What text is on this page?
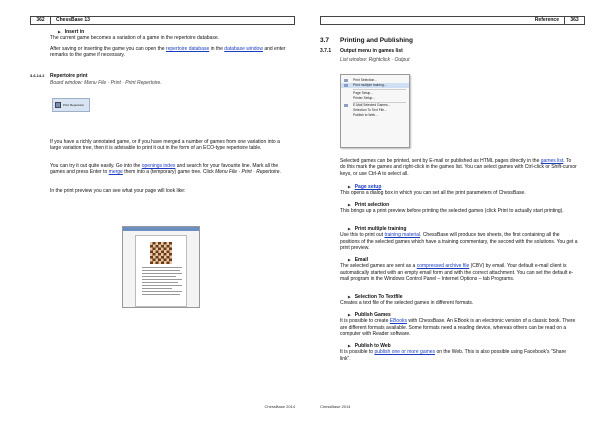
362	ChessBase 13
▶ Insert in
The current game becomes a variation of a game in the repertoire database.
After saving or inserting the game you can open the repertoire database in the database window and enter remarks to the game if necessary.
3.6.14.2 Repertoire print
Board window: Menu File · Print · Print Repertoire.
Print Repertoire
If you have a richly annotated game, or if you have merged a number of games from one variation into a large variation tree, then it is advisable to print it out in the form of an ECO-type repertoire table.
You can try it out quite easily. Go into the openings index and search for your favourite line. Mark all the games and press Enter to merge them into a (temporary) game tree. Click Menu File · Print · Repertoire.
In the print preview you can see what your page will look like:
ChessBase 2014
Reference	363
3.7 Printing and Publishing
3.7.1 Output menu in games list
List window: Rightclick · Output
Print Selection...
Print multiple training...
Page Setup...
Printer Setup...
E-Mail Selected Games...
Selection To Text File...
Publish to Web...
Selected games can be printed, sent by E-mail or published as HTML pages directly in the games list. To do this mark the games and right-click in the games list. You can select games with Ctrl-click or Shift-cursor keys, or use Ctrl-A to select all.
▶ Page setup
This opens a dialog box in which you can set all the print parameters of ChessBase.
▶ Print selection
This brings up a print preview before printing the selected games (click Print to actually start printing).
▶ Print multiple training
Use this to print out training material. ChessBase will produce two sheets, the first containing all the positions of the selected games which have a training commentary, the second with the solutions. You get a print preview.
▶ Email
The selected games are sent as a compressed archive file (CBV) by email. Your default e-mail client is automatically started with an empty email form and with the correct attachment. You can set the default e-mail program in the Windows Control Panel – Internet Options – tab Programs.
▶ Selection To Textfile
Creates a text file of the selected games in different formats.
▶ Publish Games
It is possible to create EBooks with ChessBase. An EBook is an electronic version of a classic book. There are different formats available. Some formats need a reading device, whereas others can be read on a computer with Reader software.
▶ Publish to Web
It is possible to publish one or more games on the Web. This is also possible using Facebook's "Share link".
ChessBase 2014
